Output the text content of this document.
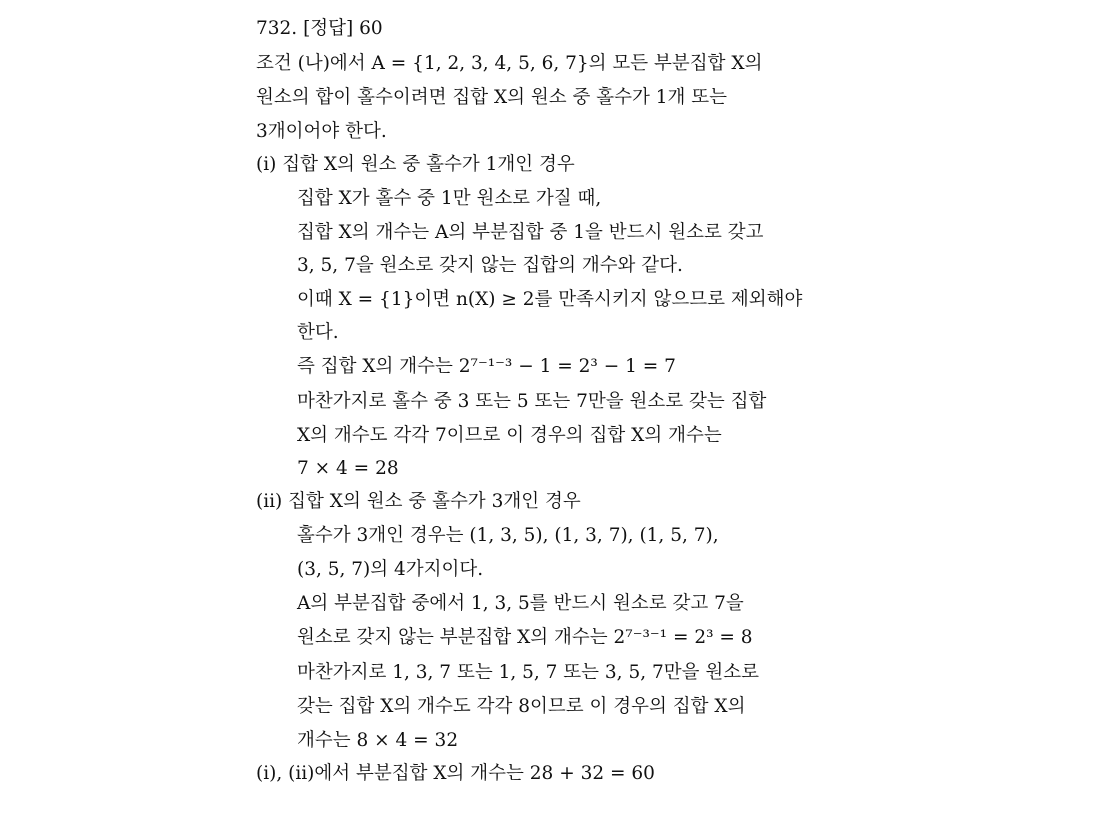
732. [정답] 60
조건 (나)에서 A = {1, 2, 3, 4, 5, 6, 7}의 모든 부분집합 X의
원소의 합이 홀수이려면 집합 X의 원소 중 홀수가 1개 또는
3개이어야 한다.
(ⅰ) 집합 X의 원소 중 홀수가 1개인 경우
집합 X가 홀수 중 1만 원소로 가질 때,
집합 X의 개수는 A의 부분집합 중 1을 반드시 원소로 갖고
3, 5, 7을 원소로 갖지 않는 집합의 개수와 같다.
이때 X = {1}이면 n(X) ≥ 2를 만족시키지 않으므로 제외해야
한다.
즉 집합 X의 개수는 2⁷⁻¹⁻³ − 1 = 2³ − 1 = 7
마찬가지로 홀수 중 3 또는 5 또는 7만을 원소로 갖는 집합
X의 개수도 각각 7이므로 이 경우의 집합 X의 개수는
7 × 4 = 28
(ⅱ) 집합 X의 원소 중 홀수가 3개인 경우
홀수가 3개인 경우는 (1, 3, 5), (1, 3, 7), (1, 5, 7),
(3, 5, 7)의 4가지이다.
A의 부분집합 중에서 1, 3, 5를 반드시 원소로 갖고 7을
원소로 갖지 않는 부분집합 X의 개수는 2⁷⁻³⁻¹ = 2³ = 8
마찬가지로 1, 3, 7 또는 1, 5, 7 또는 3, 5, 7만을 원소로
갖는 집합 X의 개수도 각각 8이므로 이 경우의 집합 X의
개수는 8 × 4 = 32
(ⅰ), (ⅱ)에서 부분집합 X의 개수는 28 + 32 = 60
